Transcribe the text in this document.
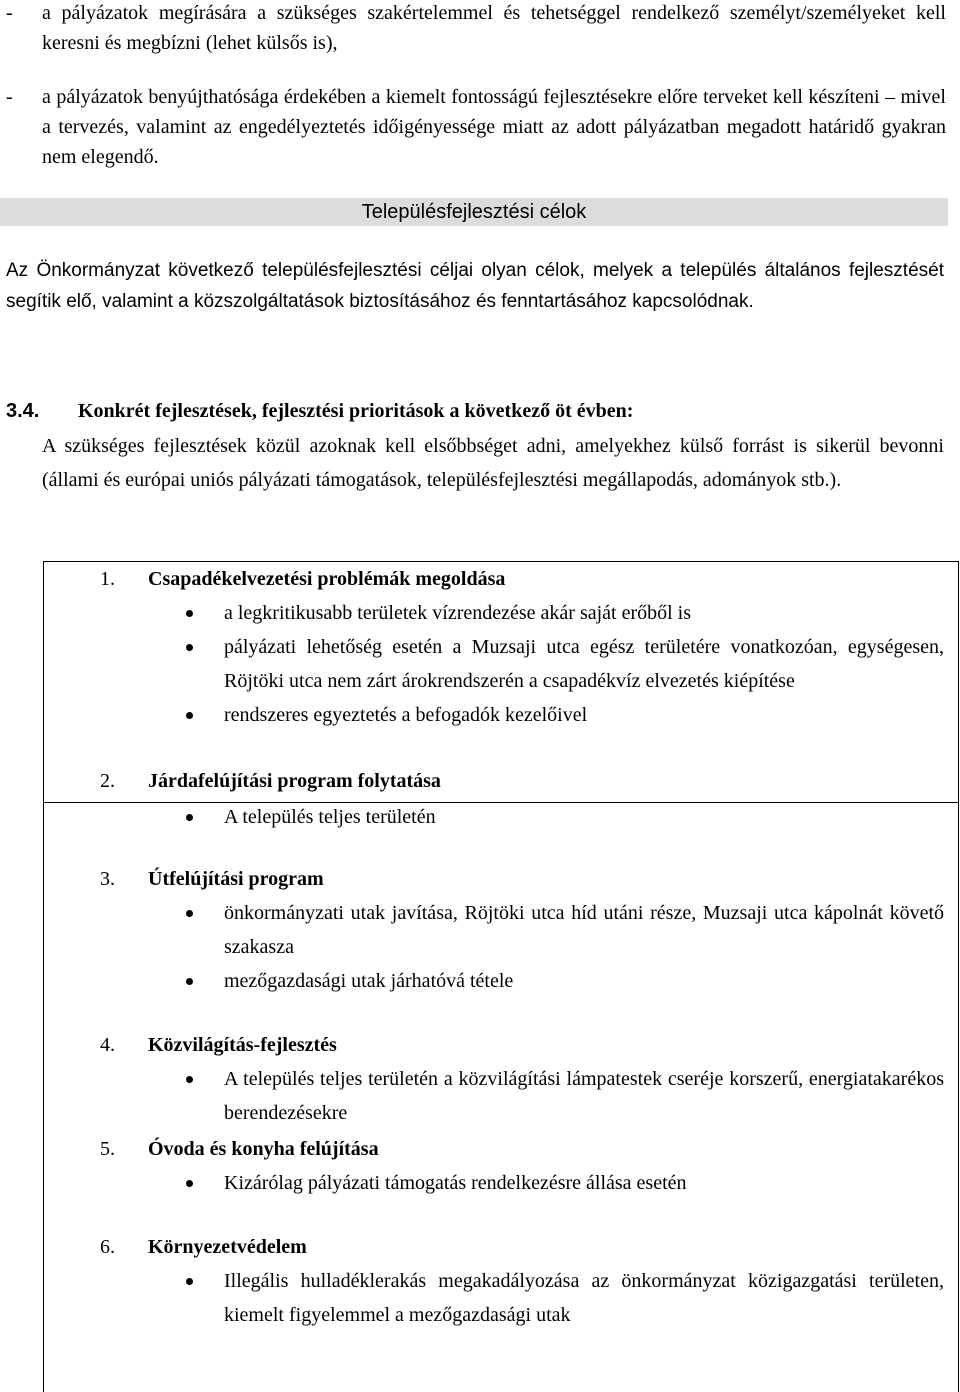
- a pályázatok megírására a szükséges szakértelemmel és tehetséggel rendelkező személyt/személyeket kell keresni és megbízni (lehet külsős is),
- a pályázatok benyújthatósága érdekében a kiemelt fontosságú fejlesztésekre előre terveket kell készíteni – mivel a tervezés, valamint az engedélyeztetés időigényessége miatt az adott pályázatban megadott határidő gyakran nem elegendő.
Településfejlesztési célok
Az Önkormányzat következő településfejlesztési céljai olyan célok, melyek a település általános fejlesztését segítik elő, valamint a közszolgáltatások biztosításához és fenntartásához kapcsolódnak.
3.4. Konkrét fejlesztések, fejlesztési prioritások a következő öt évben:
A szükséges fejlesztések közül azoknak kell elsőbbséget adni, amelyekhez külső forrást is sikerül bevonni (állami és európai uniós pályázati támogatások, településfejlesztési megállapodás, adományok stb.).
1.	Csapadékelvezetési problémák megoldása
a legkritikusabb területek vízrendezése akár saját erőből is
pályázati lehetőség esetén a Muzsaji utca egész területére vonatkozóan, egységesen, Röjtöki utca nem zárt árokrendszerén a csapadékvíz elvezetés kiépítése
rendszeres egyeztetés a befogadók kezelőivel
2.	Járdafelújítási program folytatása
A település teljes területén
3.	Útfelújítási program
önkormányzati utak javítása, Röjtöki utca híd utáni része, Muzsaji utca kápolnát követő szakasza
mezőgazdasági utak járhatóvá tétele
4.	Közvilágítás-fejlesztés
A település teljes területén a közvilágítási lámpatestek cseréje korszerű, energiatakarékos berendezésekre
5.	Óvoda és konyha felújítása
Kizárólag pályázati támogatás rendelkezésre állása esetén
6.	Környezetvédelem
Illegális hulladéklerakás megakadályozása az önkormányzat közigazgatási területen, kiemelt figyelemmel a mezőgazdasági utak
